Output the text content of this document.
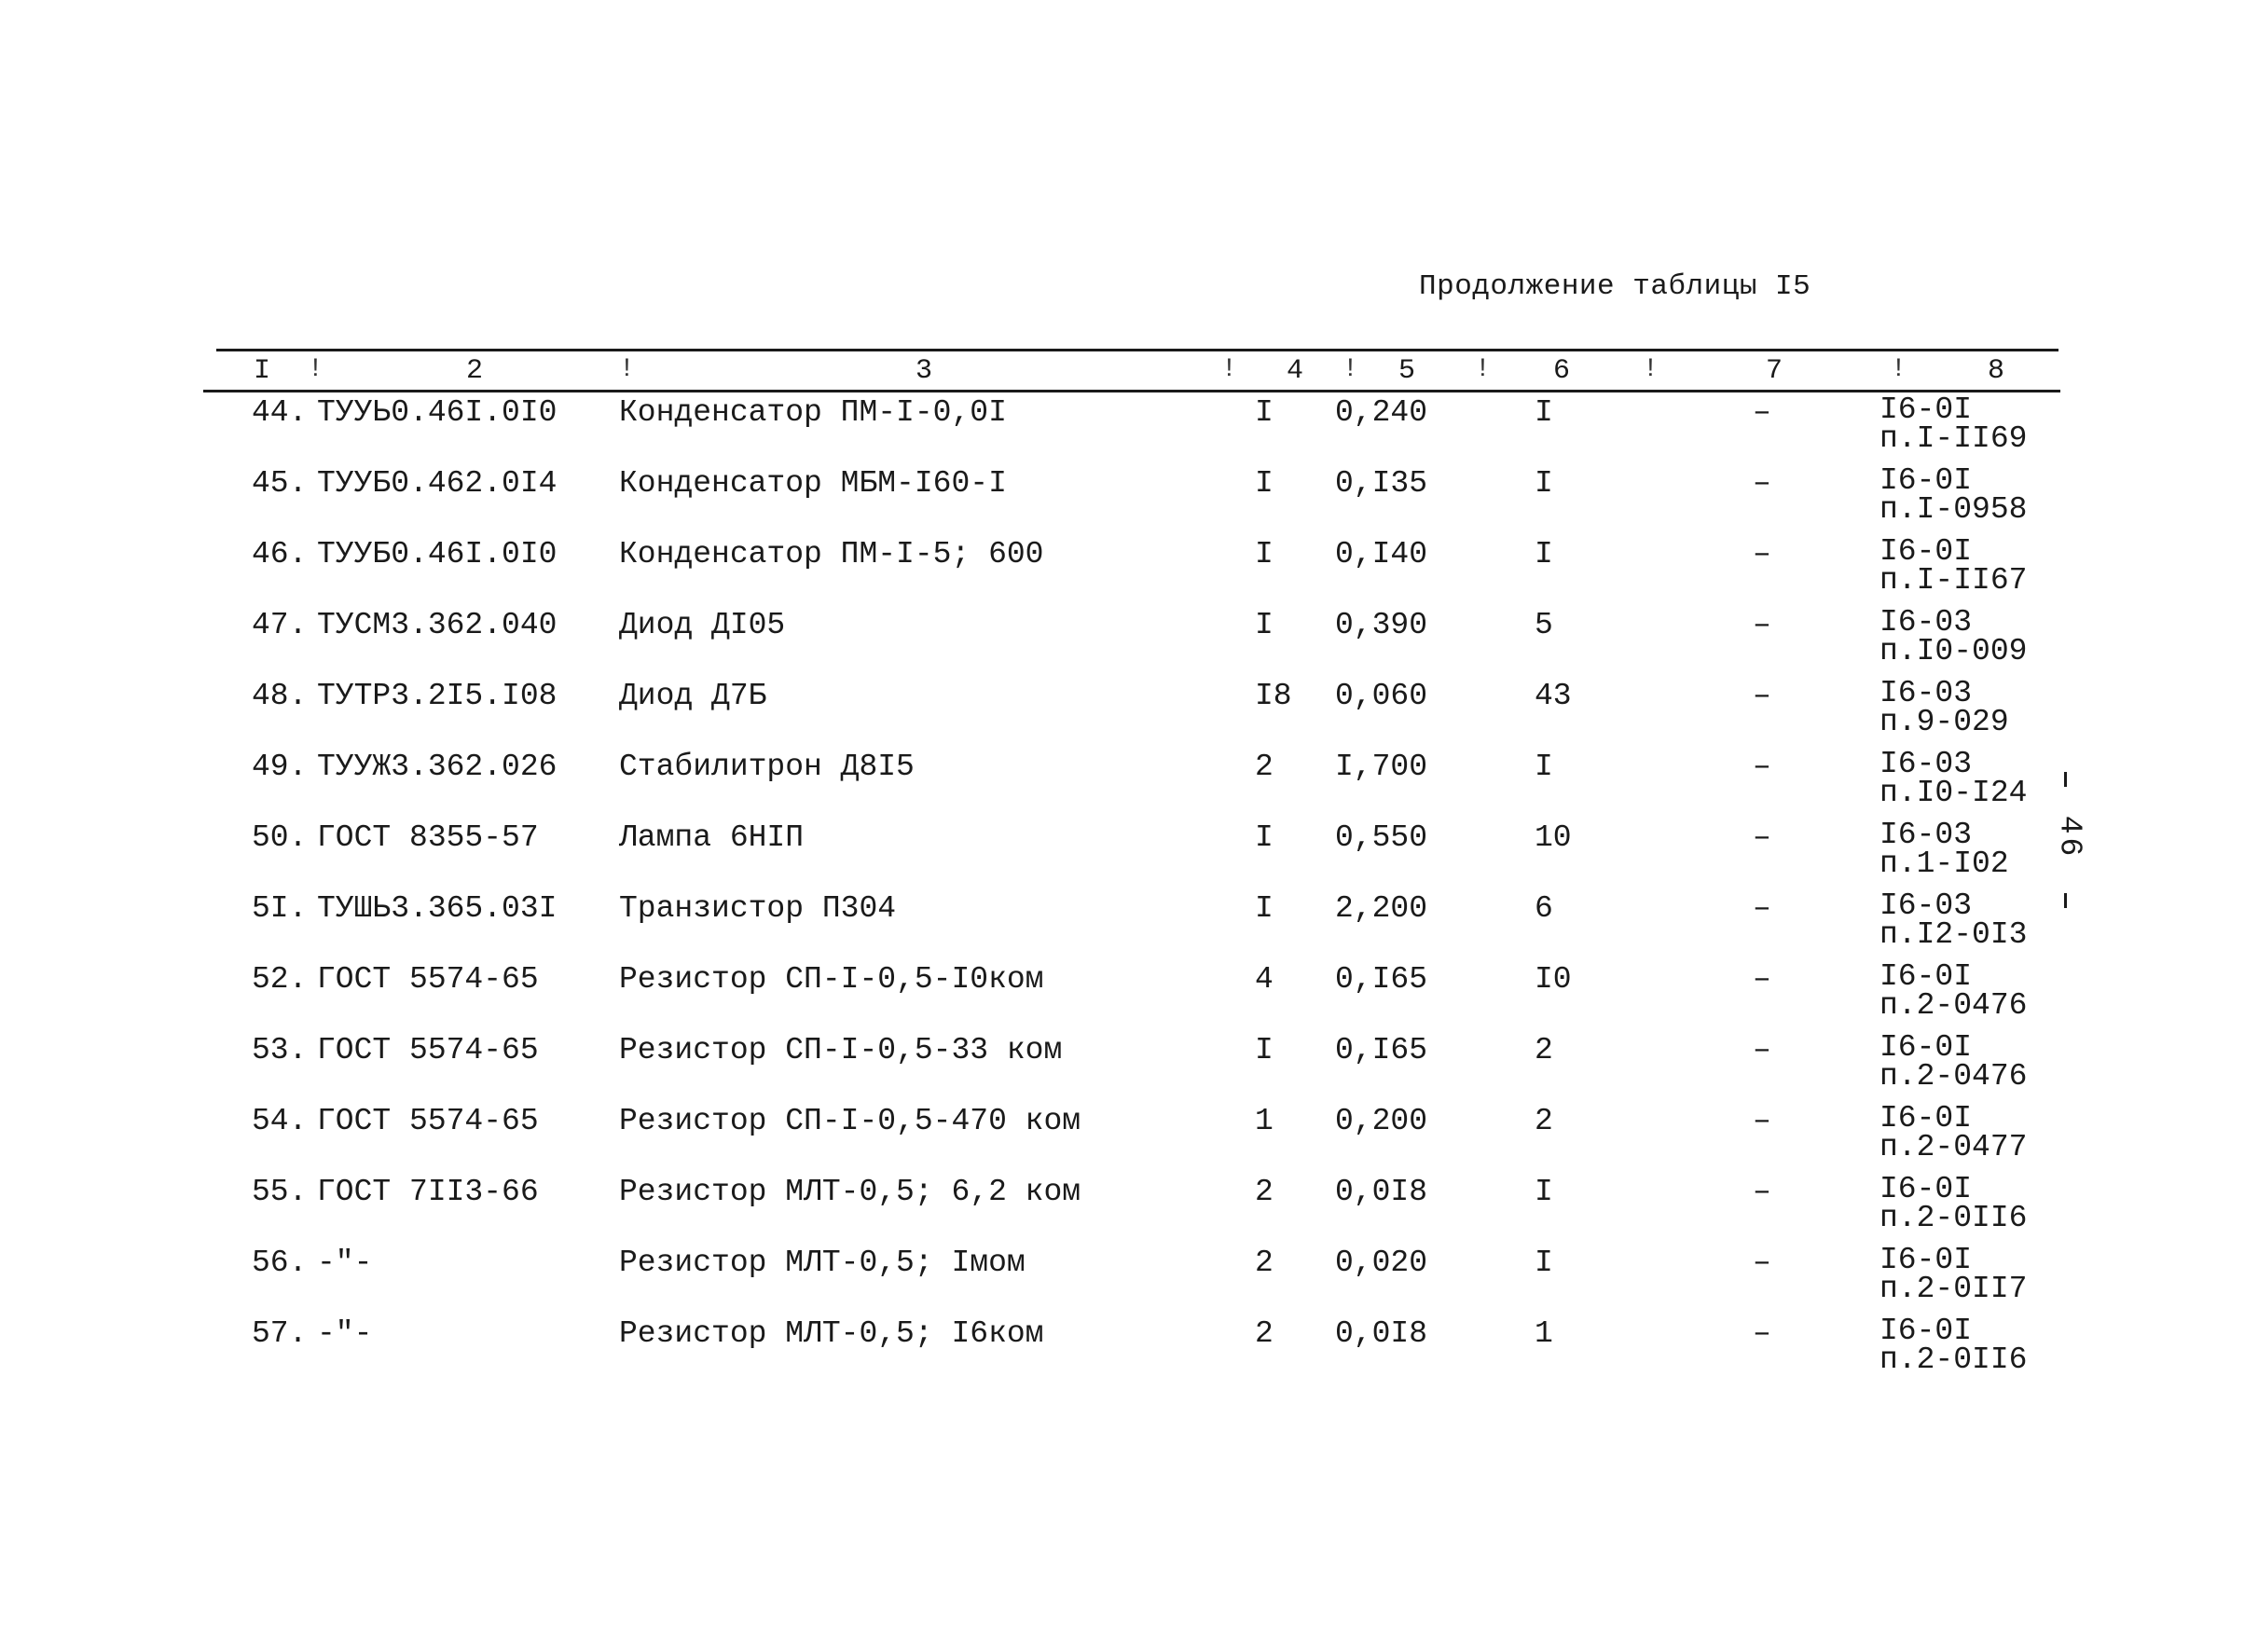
Продолжение таблицы I5
I !	2	!	3	! 4 ! 5 ! 6	!	7	!	8
44. ТУУЬ0.46I.0I0 Конденсатор ПМ-I-0,0I	I 0,240	I	–	I6-0I
п.I-II69
45. ТУУБ0.462.0I4 Конденсатор МБМ-I60-I	I 0,I35	I	–	I6-0I
п.I-0958
46. ТУУБ0.46I.0I0 Конденсатор ПМ-I-5; 600	I 0,I40	I	–	I6-0I
п.I-II67
47. ТУСМ3.362.040 Диод ДI05	I 0,390	5	–	I6-03
п.I0-009
48. ТУТР3.2I5.I08 Диод Д7Б	I8 0,060	43	–	I6-03
п.9-029
49. ТУУЖ3.362.026 Стабилитрон Д8I5	2 I,700	I	–	I6-03
п.I0-I24
50. ГОСТ 8355-57	Лампа 6НIП	I 0,550	10	–	I6-03
п.1-I02
5I. ТУШЬ3.365.03I Транзистор П304	I 2,200	6	–	I6-03
п.I2-0I3
52. ГОСТ 5574-65	Резистор СП-I-0,5-I0ком	4 0,I65	I0	–	I6-0I
п.2-0476
53. ГОСТ 5574-65	Резистор СП-I-0,5-33 ком	I 0,I65	2	–	I6-0I
п.2-0476
54. ГОСТ 5574-65	Резистор СП-I-0,5-470 ком	1 0,200	2	–	I6-0I
п.2-0477
55. ГОСТ 7II3-66	Резистор МЛТ-0,5; 6,2 ком	2 0,0I8	I	–	I6-0I
п.2-0II6
56. -"-	Резистор МЛТ-0,5; Iмом	2 0,020	I	–	I6-0I
п.2-0II7
57. -"-	Резистор МЛТ-0,5; I6ком	2 0,0I8	1	–	I6-0I
п.2-0II6
46
